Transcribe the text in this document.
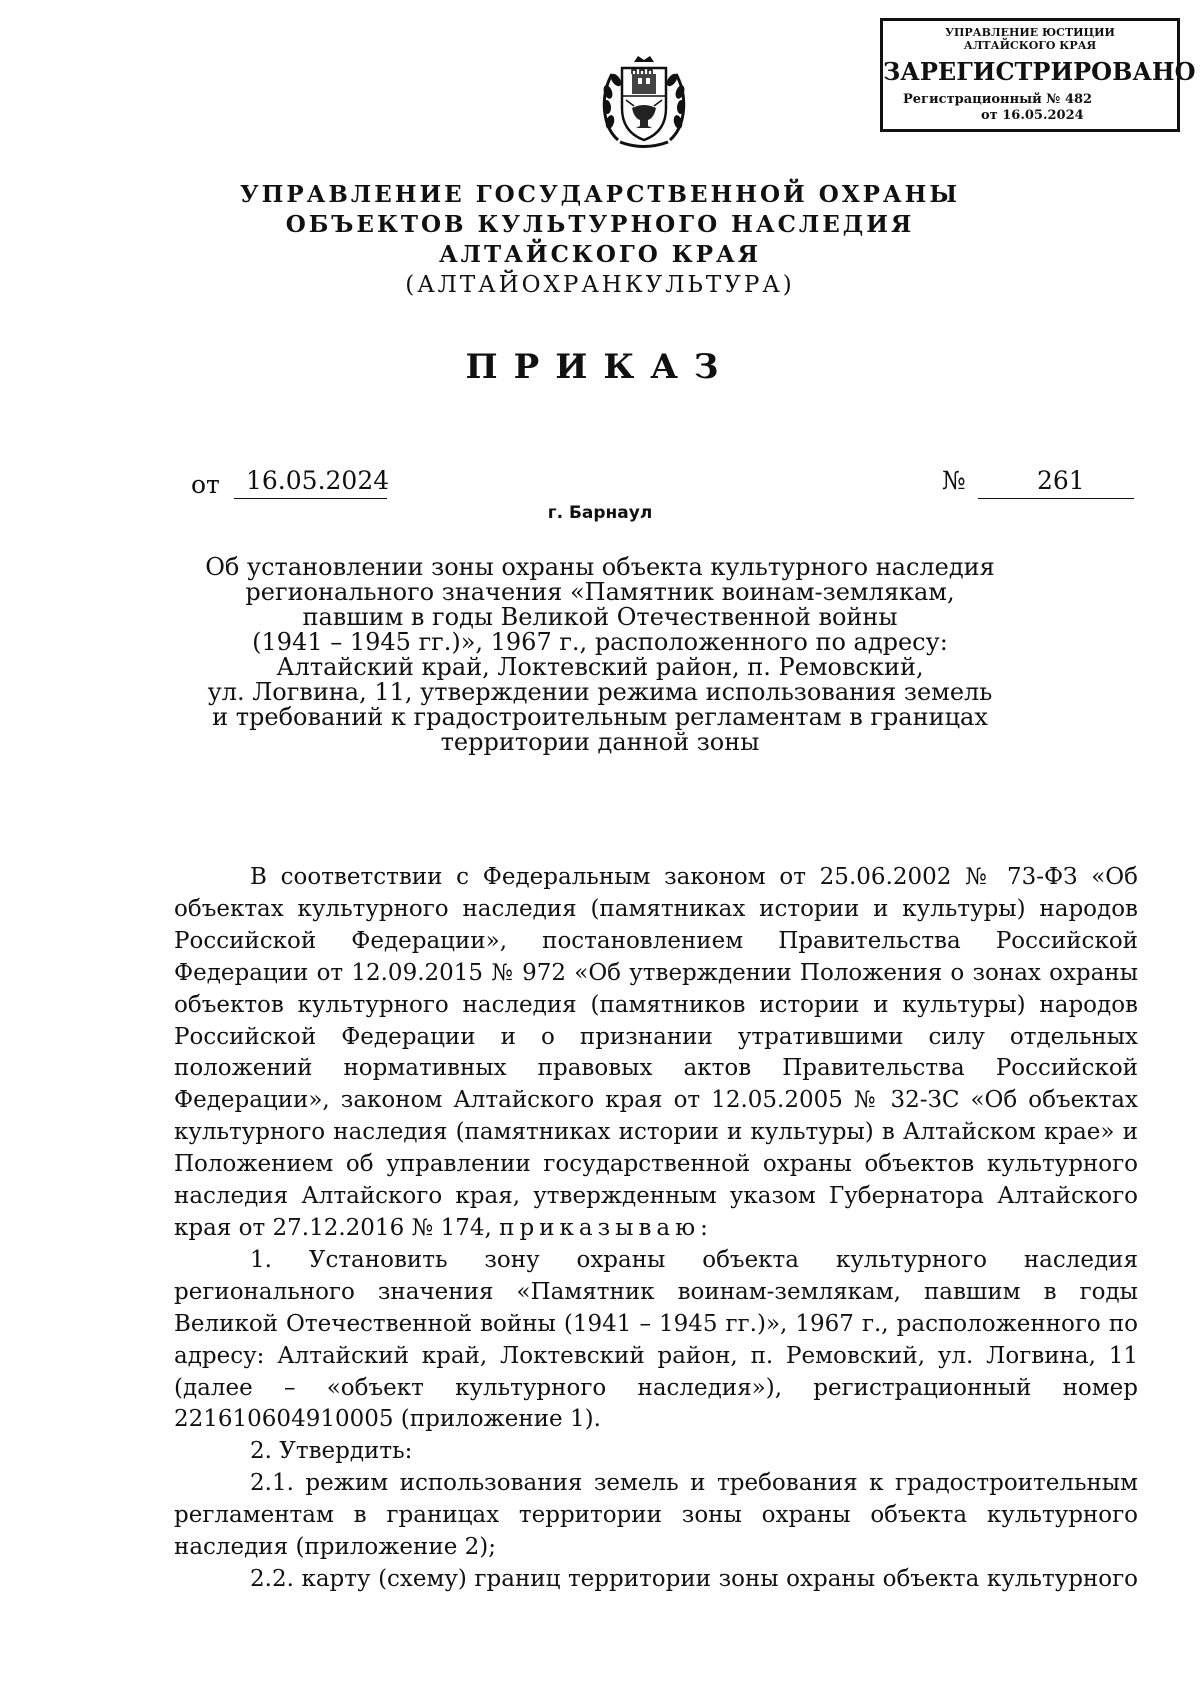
УПРАВЛЕНИЕ ЮСТИЦИИ
АЛТАЙСКОГО КРАЯ
ЗАРЕГИСТРИРОВАНО
Регистрационный № 482
от 16.05.2024
УПРАВЛЕНИЕ ГОСУДАРСТВЕННОЙ ОХРАНЫ
ОБЪЕКТОВ КУЛЬТУРНОГО НАСЛЕДИЯ
АЛТАЙСКОГО КРАЯ
(АЛТАЙОХРАНКУЛЬТУРА)
ПРИКАЗ
от 16.05.2024	№	261
г. Барнаул
Об установлении зоны охраны объекта культурного наследия
регионального значения «Памятник воинам-землякам,
павшим в годы Великой Отечественной войны
(1941 – 1945 гг.)», 1967 г., расположенного по адресу:
Алтайский край, Локтевский район, п. Ремовский,
ул. Логвина, 11, утверждении режима использования земель
и требований к градостроительным регламентам в границах
территории данной зоны

В соответствии с Федеральным законом от 25.06.2002 № 73-ФЗ «Об объектах культурного наследия (памятниках истории и культуры) народов Российской Федерации», постановлением Правительства Российской Федерации от 12.09.2015 № 972 «Об утверждении Положения о зонах охраны объектов культурного наследия (памятников истории и культуры) народов Российской Федерации и о признании утратившими силу отдельных положений нормативных правовых актов Правительства Российской Федерации», законом Алтайского края от 12.05.2005 № 32-ЗС «Об объектах культурного наследия (памятниках истории и культуры) в Алтайском крае» и Положением об управлении государственной охраны объектов культурного наследия Алтайского края, утвержденным указом Губернатора Алтайского края от 27.12.2016 № 174, приказываю:

1. Установить зону охраны объекта культурного наследия регионального значения «Памятник воинам-землякам, павшим в годы Великой Отечественной войны (1941 – 1945 гг.)», 1967 г., расположенного по адресу: Алтайский край, Локтевский район, п. Ремовский, ул. Логвина, 11 (далее – «объект культурного наследия»), регистрационный номер 221610604910005 (приложение 1).

2. Утвердить:

2.1. режим использования земель и требования к градостроительным регламентам в границах территории зоны охраны объекта культурного наследия (приложение 2);

2.2. карту (схему) границ территории зоны охраны объекта культурного
